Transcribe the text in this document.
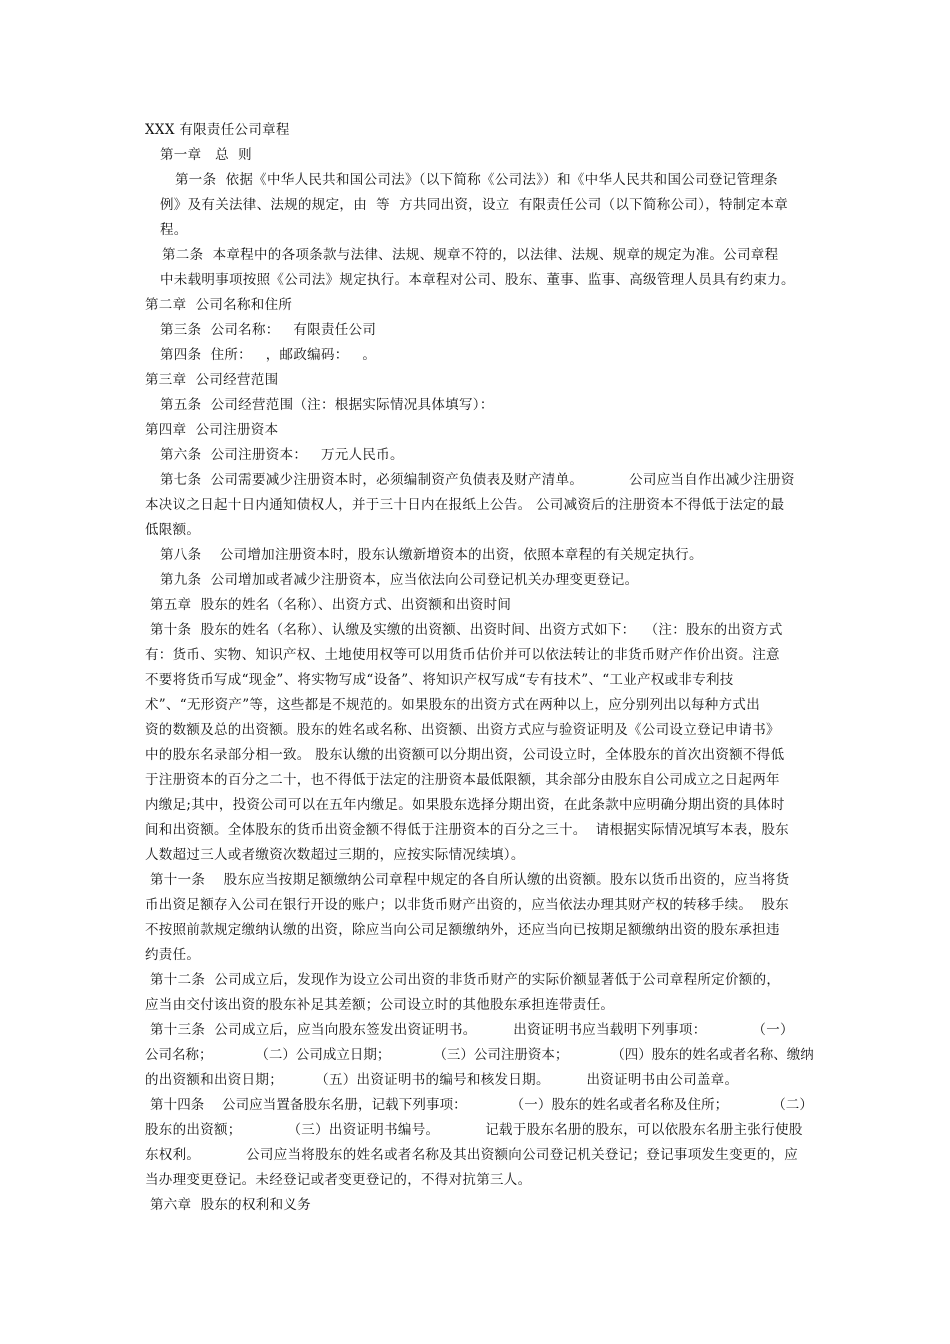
XXX 有限责任公司章程
第一章   总  则
第一条  依据《中华人民共和国公司法》（以下简称《公司法》）和《中华人民共和国公司登记管理条
例》及有关法律、法规的规定，由  等  方共同出资，设立  有限责任公司（以下简称公司），特制定本章
程。
第二条  本章程中的各项条款与法律、法规、规章不符的，以法律、法规、规章的规定为准。公司章程
中未载明事项按照《公司法》规定执行。本章程对公司、股东、董事、监事、高级管理人员具有约束力。
第二章  公司名称和住所
第三条  公司名称：   有限责任公司
第四条  住所：   ，邮政编码：   。
第三章  公司经营范围
第五条  公司经营范围（注：根据实际情况具体填写）：
第四章  公司注册资本
第六条  公司注册资本：   万元人民币。
第七条  公司需要减少注册资本时，必须编制资产负债表及财产清单。          公司应当自作出减少注册资
本决议之日起十日内通知债权人，并于三十日内在报纸上公告。 公司减资后的注册资本不得低于法定的最
低限额。
第八条    公司增加注册资本时，股东认缴新增资本的出资，依照本章程的有关规定执行。
第九条  公司增加或者减少注册资本，应当依法向公司登记机关办理变更登记。
第五章  股东的姓名（名称）、出资方式、出资额和出资时间
第十条  股东的姓名（名称）、认缴及实缴的出资额、出资时间、出资方式如下：  （注：股东的出资方式
有：货币、实物、知识产权、土地使用权等可以用货币估价并可以依法转让的非货币财产作价出资。注意
不要将货币写成“现金”、将实物写成“设备”、将知识产权写成“专有技术”、“工业产权或非专利技
术”、“无形资产”等，这些都是不规范的。如果股东的出资方式在两种以上，应分别列出以每种方式出
资的数额及总的出资额。股东的姓名或名称、出资额、出资方式应与验资证明及《公司设立登记申请书》
中的股东名录部分相一致。 股东认缴的出资额可以分期出资，公司设立时，全体股东的首次出资额不得低
于注册资本的百分之二十，也不得低于法定的注册资本最低限额，其余部分由股东自公司成立之日起两年
内缴足;其中，投资公司可以在五年内缴足。如果股东选择分期出资，在此条款中应明确分期出资的具体时
间和出资额。全体股东的货币出资金额不得低于注册资本的百分之三十。  请根据实际情况填写本表，股东
人数超过三人或者缴资次数超过三期的，应按实际情况续填）。
第十一条    股东应当按期足额缴纳公司章程中规定的各自所认缴的出资额。股东以货币出资的，应当将货
币出资足额存入公司在银行开设的账户；以非货币财产出资的，应当依法办理其财产权的转移手续。  股东
不按照前款规定缴纳认缴的出资，除应当向公司足额缴纳外，还应当向已按期足额缴纳出资的股东承担违
约责任。
第十二条  公司成立后，发现作为设立公司出资的非货币财产的实际价额显著低于公司章程所定价额的，
应当由交付该出资的股东补足其差额；公司设立时的其他股东承担连带责任。
第十三条  公司成立后，应当向股东签发出资证明书。        出资证明书应当载明下列事项：          （一）
公司名称；          （二）公司成立日期；          （三）公司注册资本；          （四）股东的姓名或者名称、缴纳
的出资额和出资日期；       （五）出资证明书的编号和核发日期。        出资证明书由公司盖章。
第十四条    公司应当置备股东名册，记载下列事项：          （一）股东的姓名或者名称及住所；          （二）
股东的出资额；          （三）出资证明书编号。          记载于股东名册的股东，可以依股东名册主张行使股
东权利。          公司应当将股东的姓名或者名称及其出资额向公司登记机关登记；登记事项发生变更的，应
当办理变更登记。未经登记或者变更登记的，不得对抗第三人。
第六章  股东的权利和义务
